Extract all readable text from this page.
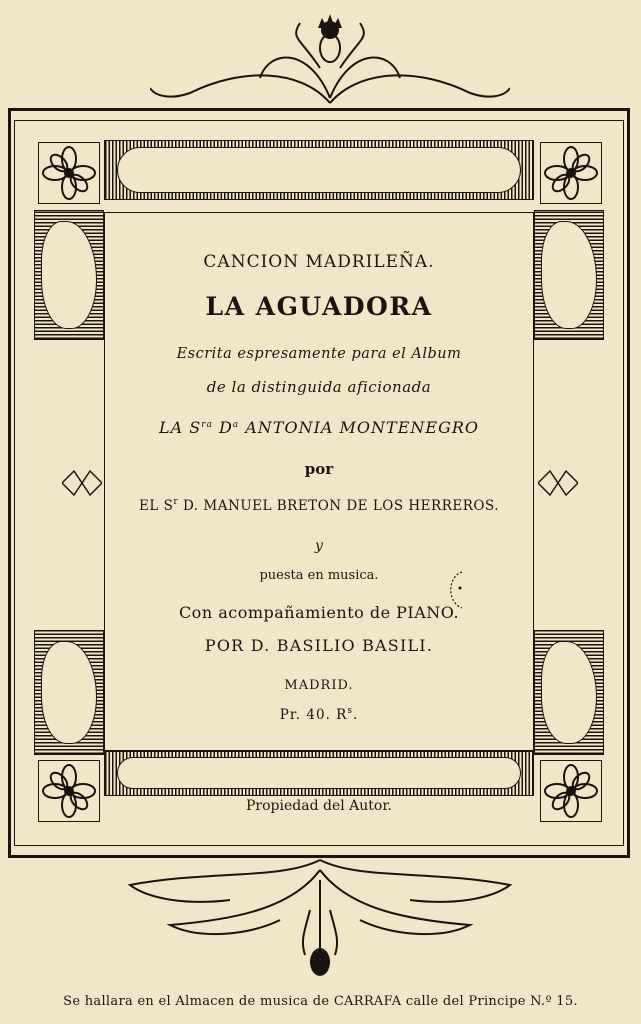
CANCION MADRILEÑA.
LA AGUADORA
Escrita espresamente para el Album
de la distinguida aficionada
LA $S^{ra}$ $D^a$ ANTONIA MONTENEGRO
por
EL $S^r$ D. MANUEL BRETON DE LOS HERREROS.
y
puesta en musica.
Con acompañamiento de PIANO.
POR D. BASILIO BASILI.
MADRID.
Pr. 40. $R^s$.
Propiedad del Autor.
Se hallara en el Almacen de musica de CARRAFA calle del Principe N.º 15.
